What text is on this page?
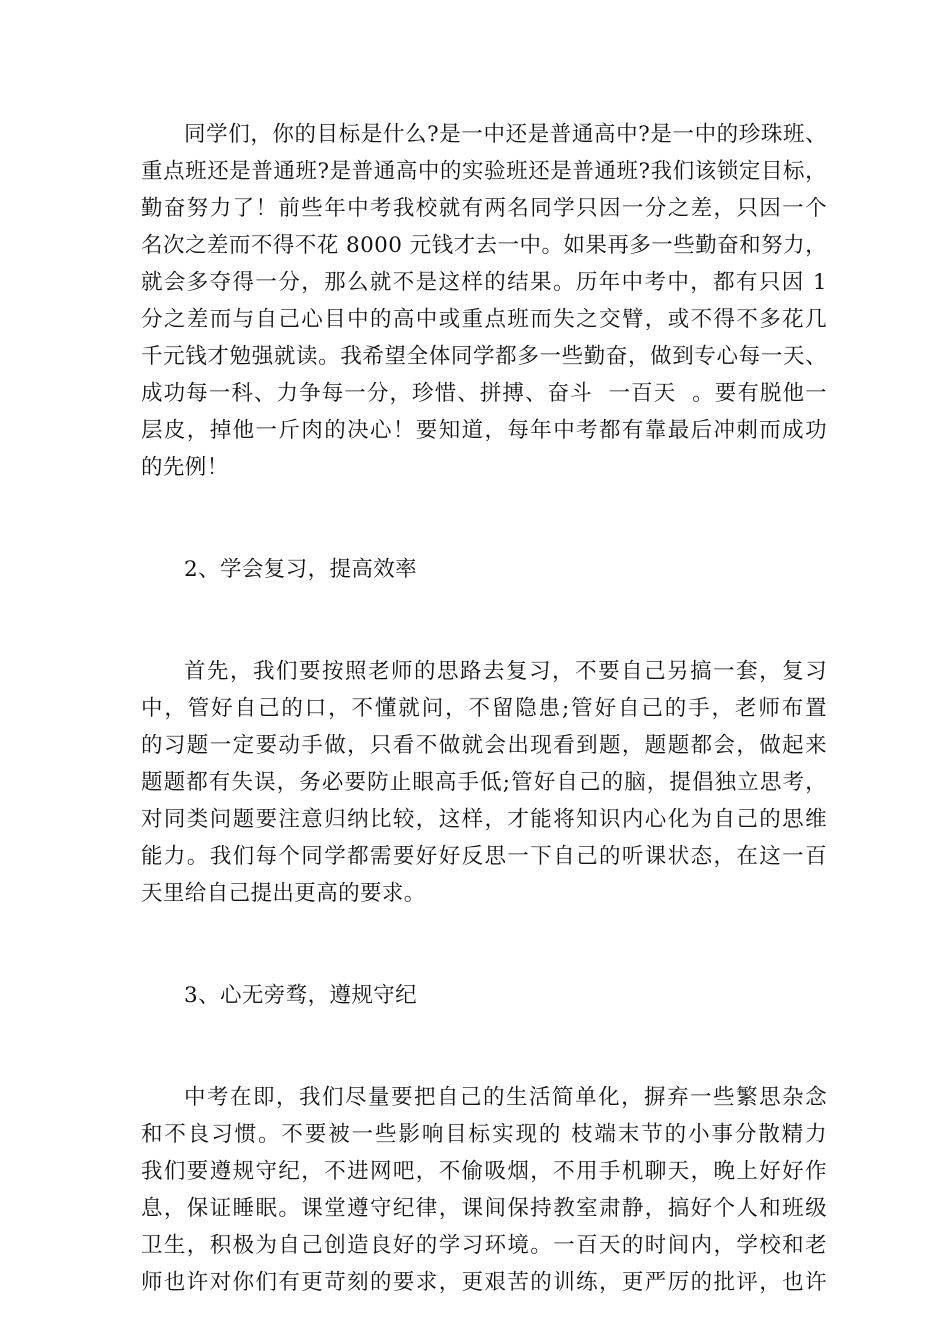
同学们，你的目标是什么?是一中还是普通高中?是一中的珍珠班、
重点班还是普通班?是普通高中的实验班还是普通班?我们该锁定目标，
勤奋努力了！前些年中考我校就有两名同学只因一分之差，只因一个
名次之差而不得不花 8000 元钱才去一中。如果再多一些勤奋和努力，
就会多夺得一分，那么就不是这样的结果。历年中考中，都有只因 1
分之差而与自己心目中的高中或重点班而失之交臂，或不得不多花几
千元钱才勉强就读。我希望全体同学都多一些勤奋，做到专心每一天、
成功每一科、力争每一分，珍惜、拼搏、奋斗  一百天  。要有脱他一
层皮，掉他一斤肉的决心！要知道，每年中考都有靠最后冲刺而成功
的先例！
2、学会复习，提高效率
首先，我们要按照老师的思路去复习，不要自己另搞一套，复习
中，管好自己的口，不懂就问，不留隐患;管好自己的手，老师布置
的习题一定要动手做，只看不做就会出现看到题，题题都会，做起来
题题都有失误，务必要防止眼高手低;管好自己的脑，提倡独立思考，
对同类问题要注意归纳比较，这样，才能将知识内心化为自己的思维
能力。我们每个同学都需要好好反思一下自己的听课状态，在这一百
天里给自己提出更高的要求。
3、心无旁骛，遵规守纪
中考在即，我们尽量要把自己的生活简单化，摒弃一些繁思杂念
和不良习惯。不要被一些影响目标实现的 枝端末节的小事分散精力
我们要遵规守纪，不进网吧，不偷吸烟，不用手机聊天，晚上好好作
息，保证睡眠。课堂遵守纪律，课间保持教室肃静，搞好个人和班级
卫生，积极为自己创造良好的学习环境。一百天的时间内，学校和老
师也许对你们有更苛刻的要求，更艰苦的训练，更严厉的批评，也许
